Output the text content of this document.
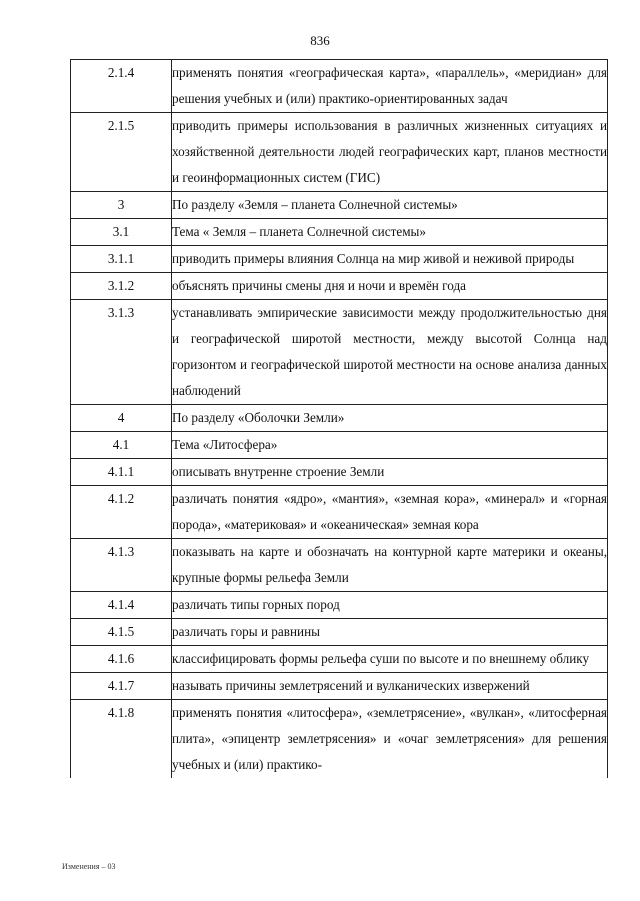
836
2.1.4	применять понятия «географическая карта», «параллель», «меридиан» для решения учебных и (или) практико-ориентированных задач
2.1.5	приводить примеры использования в различных жизненных ситуациях и хозяйственной деятельности людей географических карт, планов местности и геоинформационных систем (ГИС)
3	По разделу «Земля – планета Солнечной системы»
3.1	Тема « Земля – планета Солнечной системы»
3.1.1	приводить примеры влияния Солнца на мир живой и неживой природы
3.1.2	объяснять причины смены дня и ночи и времён года
3.1.3	устанавливать эмпирические зависимости между продолжительностью дня и географической широтой местности, между высотой Солнца над горизонтом и географической широтой местности на основе анализа данных наблюдений
4	По разделу «Оболочки Земли»
4.1	Тема «Литосфера»
4.1.1	описывать внутренне строение Земли
4.1.2	различать понятия «ядро», «мантия», «земная кора», «минерал» и «горная порода», «материковая» и «океаническая» земная кора
4.1.3	показывать на карте и обозначать на контурной карте материки и океаны, крупные формы рельефа Земли
4.1.4	различать типы горных пород
4.1.5	различать горы и равнины
4.1.6	классифицировать формы рельефа суши по высоте и по внешнему облику
4.1.7	называть причины землетрясений и вулканических извержений
4.1.8	применять понятия «литосфера», «землетрясение», «вулкан», «литосферная плита», «эпицентр землетрясения» и «очаг землетрясения» для решения учебных и (или) практико-
Изменения – 03
